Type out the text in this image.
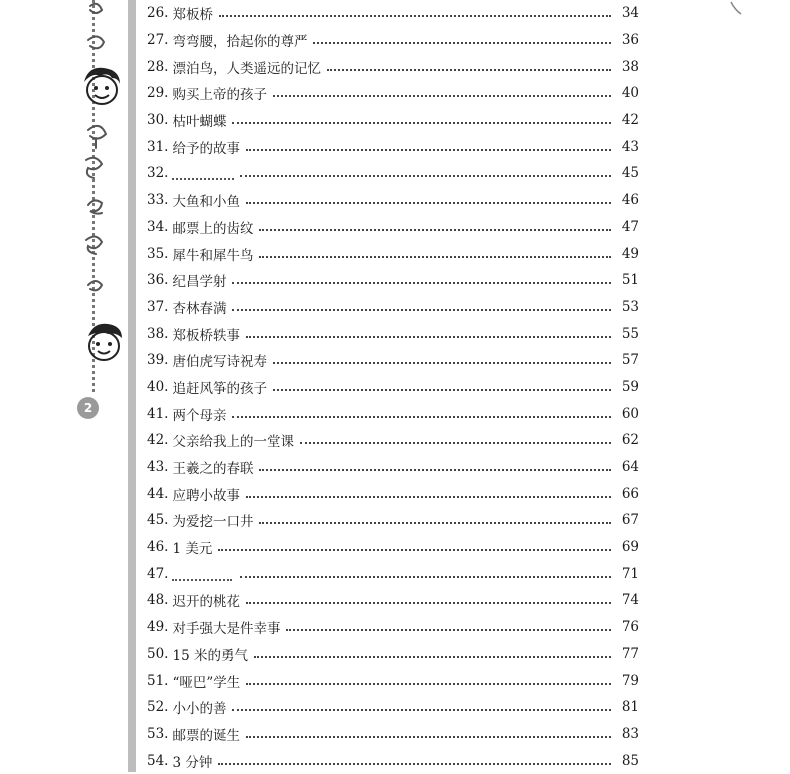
2
26. 郑板桥	34
27. 弯弯腰，拾起你的尊严	36
28. 漂泊鸟，人类遥远的记忆	38
29. 购买上帝的孩子	40
30. 枯叶蝴蝶	42
31. 给予的故事	43
32.	45
33. 大鱼和小鱼	46
34. 邮票上的齿纹	47
35. 犀牛和犀牛鸟	49
36. 纪昌学射	51
37. 杏林春满	53
38. 郑板桥轶事	55
39. 唐伯虎写诗祝寿	57
40. 追赶风筝的孩子	59
41. 两个母亲	60
42. 父亲给我上的一堂课	62
43. 王羲之的春联	64
44. 应聘小故事	66
45. 为爱挖一口井	67
46. 1 美元	69
47.	71
48. 迟开的桃花	74
49. 对手强大是件幸事	76
50. 15 米的勇气	77
51. “哑巴”学生	79
52. 小小的善	81
53. 邮票的诞生	83
54. 3 分钟	85
